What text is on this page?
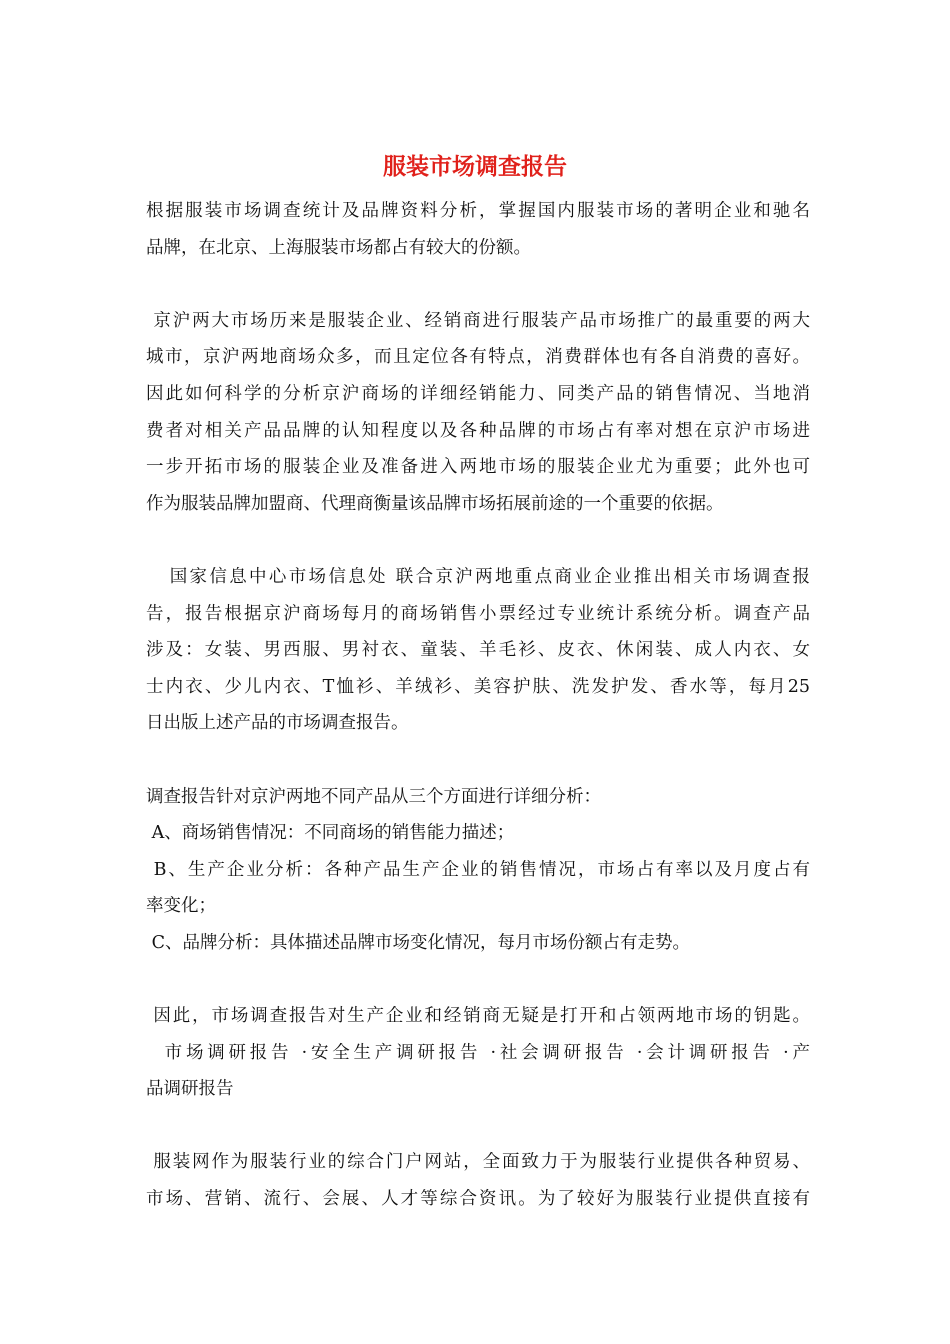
服装市场调查报告
根据服装市场调查统计及品牌资料分析，掌握国内服装市场的著明企业和驰名
品牌，在北京、上海服装市场都占有较大的份额。
京沪两大市场历来是服装企业、经销商进行服装产品市场推广的最重要的两大
城市，京沪两地商场众多，而且定位各有特点，消费群体也有各自消费的喜好。
因此如何科学的分析京沪商场的详细经销能力、同类产品的销售情况、当地消
费者对相关产品品牌的认知程度以及各种品牌的市场占有率对想在京沪市场进
一步开拓市场的服装企业及准备进入两地市场的服装企业尤为重要；此外也可
作为服装品牌加盟商、代理商衡量该品牌市场拓展前途的一个重要的依据。
国家信息中心市场信息处 联合京沪两地重点商业企业推出相关市场调查报
告，报告根据京沪商场每月的商场销售小票经过专业统计系统分析。调查产品
涉及：女装、男西服、男衬衣、童装、羊毛衫、皮衣、休闲装、成人内衣、女
士内衣、少儿内衣、T恤衫、羊绒衫、美容护肤、洗发护发、香水等，每月25
日出版上述产品的市场调查报告。
调查报告针对京沪两地不同产品从三个方面进行详细分析：
A、商场销售情况：不同商场的销售能力描述；
B、生产企业分析：各种产品生产企业的销售情况，市场占有率以及月度占有
率变化；
C、品牌分析：具体描述品牌市场变化情况，每月市场份额占有走势。
因此，市场调查报告对生产企业和经销商无疑是打开和占领两地市场的钥匙。
市场调研报告 ·安全生产调研报告 ·社会调研报告 ·会计调研报告 ·产
品调研报告
服装网作为服装行业的综合门户网站，全面致力于为服装行业提供各种贸易、
市场、营销、流行、会展、人才等综合资讯。为了较好为服装行业提供直接有
